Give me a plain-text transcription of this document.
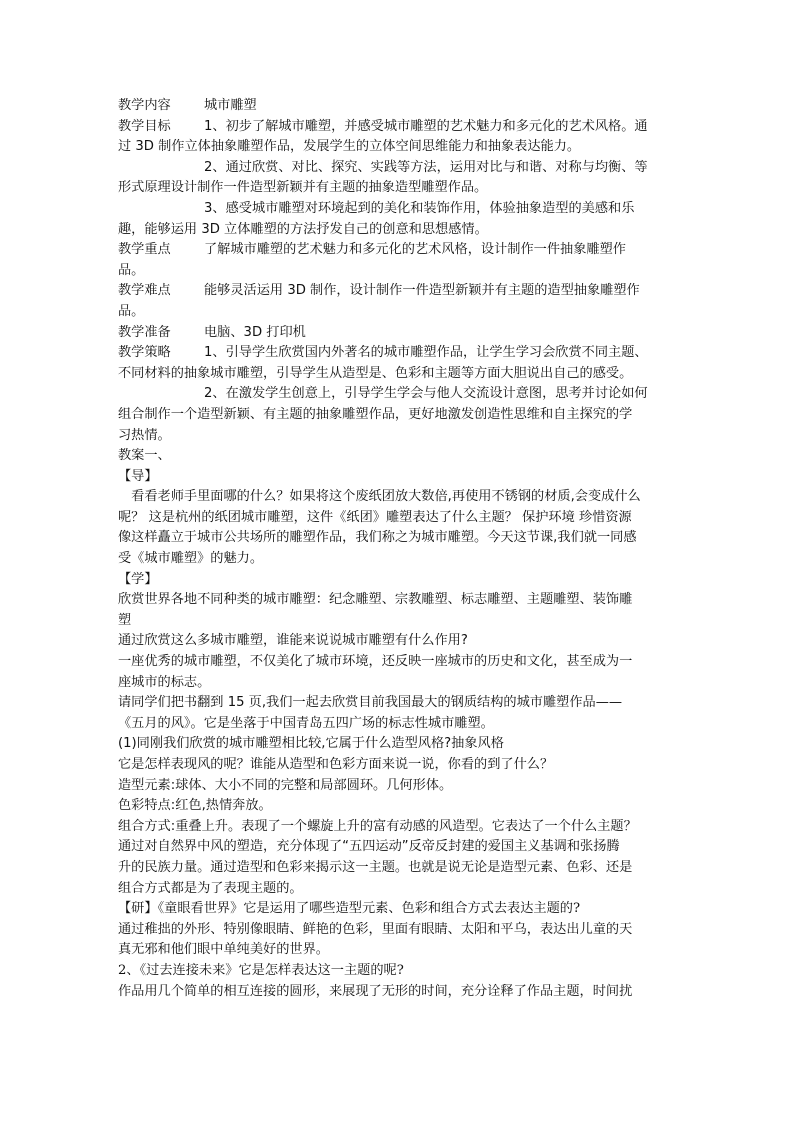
教学内容	城市雕塑
教学目标	1、初步了解城市雕塑，并感受城市雕塑的艺术魅力和多元化的艺术风格。通

过 3D 制作立体抽象雕塑作品，发展学生的立体空间思维能力和抽象表达能力。

2、通过欣赏、对比、探究、实践等方法，运用对比与和谐、对称与均衡、等

形式原理设计制作一件造型新颖并有主题的抽象造型雕塑作品。

3、感受城市雕塑对环境起到的美化和装饰作用，体验抽象造型的美感和乐

趣，能够运用 3D 立体雕塑的方法抒发自己的创意和思想感情。

教学重点	了解城市雕塑的艺术魅力和多元化的艺术风格，设计制作一件抽象雕塑作

品。

教学难点	能够灵活运用 3D 制作，设计制作一件造型新颖并有主题的造型抽象雕塑作

品。

教学准备	电脑、3D 打印机
教学策略	1、引导学生欣赏国内外著名的城市雕塑作品，让学生学习会欣赏不同主题、

不同材料的抽象城市雕塑，引导学生从造型是、色彩和主题等方面大胆说出自己的感受。

2、在激发学生创意上，引导学生学会与他人交流设计意图，思考并讨论如何

组合制作一个造型新颖、有主题的抽象雕塑作品，更好地激发创造性思维和自主探究的学

习热情。

教案一、

【导】

　看看老师手里面哪的什么？如果将这个废纸团放大数倍,再使用不锈钢的材质,会变成什么

呢？ 这是杭州的纸团城市雕塑，这件《纸团》雕塑表达了什么主题？ 保护环境 珍惜资源

像这样矗立于城市公共场所的雕塑作品，我们称之为城市雕塑。今天这节课,我们就一同感

受《城市雕塑》的魅力。

【学】

欣赏世界各地不同种类的城市雕塑：纪念雕塑、宗教雕塑、标志雕塑、主题雕塑、装饰雕

塑

通过欣赏这么多城市雕塑，谁能来说说城市雕塑有什么作用?

一座优秀的城市雕塑，不仅美化了城市环境，还反映一座城市的历史和文化，甚至成为一

座城市的标志。

请同学们把书翻到 15 页,我们一起去欣赏目前我国最大的钢质结构的城市雕塑作品——

《五月的风》。它是坐落于中国青岛五四广场的标志性城市雕塑。

(1)同刚我们欣赏的城市雕塑相比较,它属于什么造型风格?抽象风格

它是怎样表现风的呢？谁能从造型和色彩方面来说一说，你看的到了什么？

造型元素:球体、大小不同的完整和局部圆环。几何形体。

色彩特点:红色,热情奔放。

组合方式:重叠上升。表现了一个螺旋上升的富有动感的风造型。它表达了一个什么主题？

通过对自然界中风的塑造，充分体现了“五四运动”反帝反封建的爱国主义基调和张扬腾

升的民族力量。通过造型和色彩来揭示这一主题。也就是说无论是造型元素、色彩、还是

组合方式都是为了表现主题的。

【研】《童眼看世界》它是运用了哪些造型元素、色彩和组合方式去表达主题的?

通过稚拙的外形、特别像眼睛、鲜艳的色彩，里面有眼睛、太阳和平乌，表达出儿童的天

真无邪和他们眼中单纯美好的世界。

2、《过去连接未来》它是怎样表达这一主题的呢?

作品用几个简单的相互连接的圆形，来展现了无形的时间，充分诠释了作品主题，时间扰
